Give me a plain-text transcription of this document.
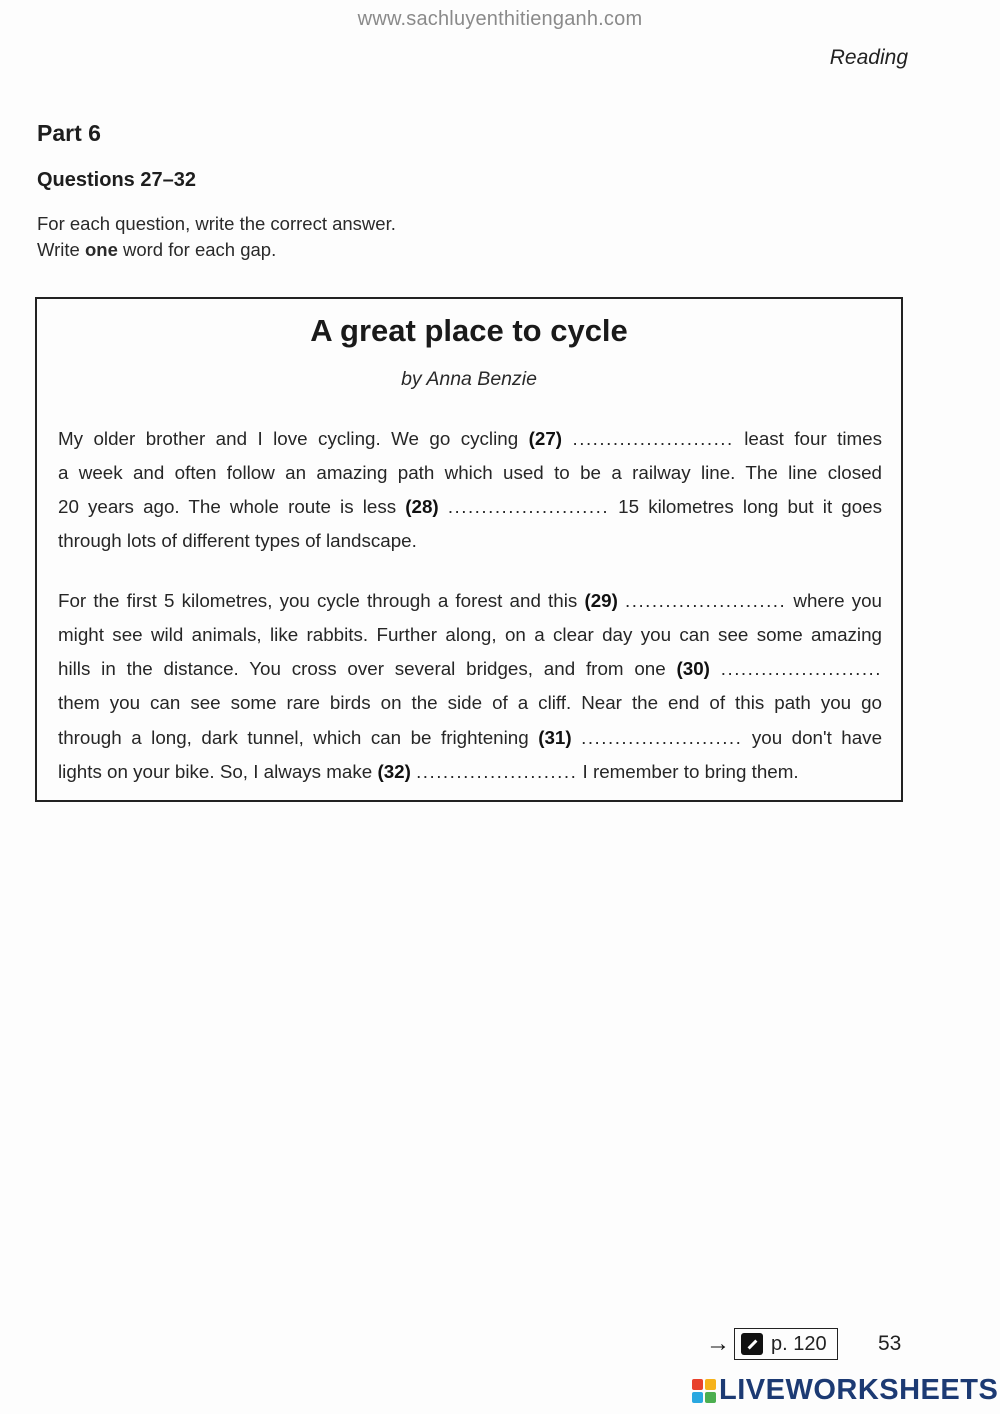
www.sachluyenthitienganh.com
Reading
Part 6
Questions 27–32
For each question, write the correct answer.
Write one word for each gap.
A great place to cycle
by Anna Benzie
My older brother and I love cycling. We go cycling (27) ........................ least four times
a week and often follow an amazing path which used to be a railway line. The line closed
20 years ago. The whole route is less (28) ........................ 15 kilometres long but it goes
through lots of different types of landscape.
For the first 5 kilometres, you cycle through a forest and this (29) ........................ where you
might see wild animals, like rabbits. Further along, on a clear day you can see some amazing
hills in the distance. You cross over several bridges, and from one (30) ........................
them you can see some rare birds on the side of a cliff. Near the end of this path you go
through a long, dark tunnel, which can be frightening (31) ........................ you don't have
lights on your bike. So, I always make (32) ........................ I remember to bring them.
→ p. 120 53
LIVEWORKSHEETS
